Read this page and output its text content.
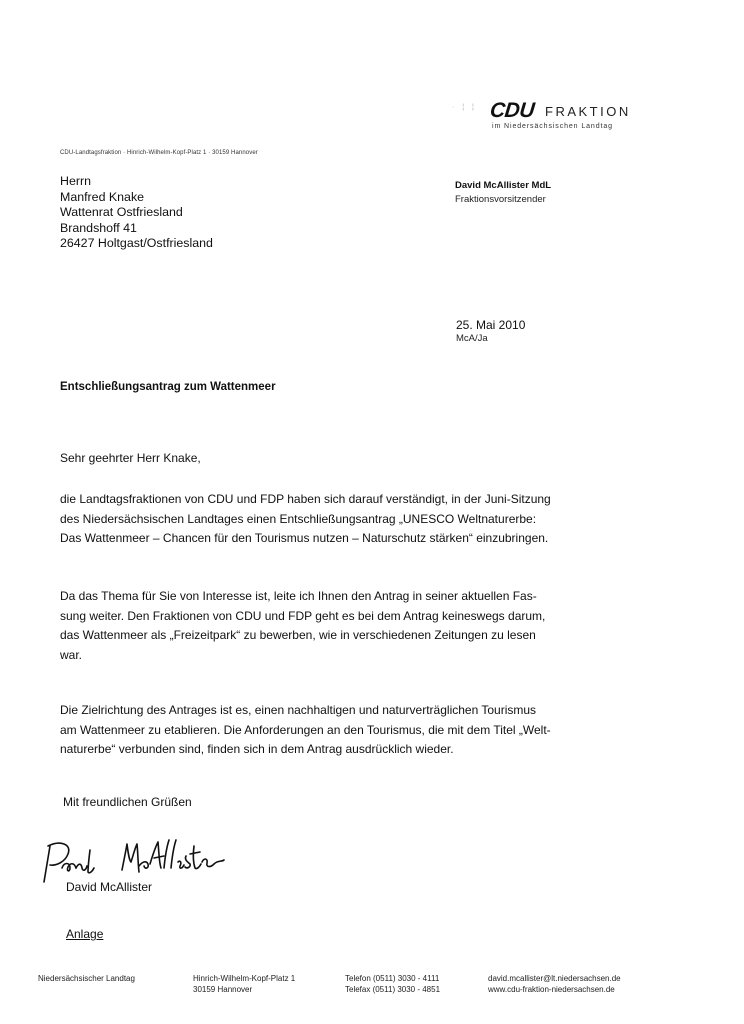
· ¦ ¦ CDU FRAKTION
im Niedersächsischen Landtag
CDU-Landtagsfraktion · Hinrich-Wilhelm-Kopf-Platz 1 · 30159 Hannover
Herrn
Manfred Knake
Wattenrat Ostfriesland
Brandshoff 41
26427 Holtgast/Ostfriesland
David McAllister MdL
Fraktionsvorsitzender
25. Mai 2010
McA/Ja
Entschließungsantrag zum Wattenmeer
Sehr geehrter Herr Knake,
die Landtagsfraktionen von CDU und FDP haben sich darauf verständigt, in der Juni-Sitzung
des Niedersächsischen Landtages einen Entschließungsantrag „UNESCO Weltnaturerbe:
Das Wattenmeer – Chancen für den Tourismus nutzen – Naturschutz stärken“ einzubringen.
Da das Thema für Sie von Interesse ist, leite ich Ihnen den Antrag in seiner aktuellen Fas-
sung weiter. Den Fraktionen von CDU und FDP geht es bei dem Antrag keineswegs darum,
das Wattenmeer als „Freizeitpark“ zu bewerben, wie in verschiedenen Zeitungen zu lesen
war.
Die Zielrichtung des Antrages ist es, einen nachhaltigen und naturverträglichen Tourismus
am Wattenmeer zu etablieren. Die Anforderungen an den Tourismus, die mit dem Titel „Welt-
naturerbe“ verbunden sind, finden sich in dem Antrag ausdrücklich wieder.
Mit freundlichen Grüßen
David McAllister
Anlage
Niedersächsischer Landtag	Hinrich-Wilhelm-Kopf-Platz 1
30159 Hannover
Telefon (0511) 3030 - 4111
Telefax (0511) 3030 - 4851
david.mcallister@lt.niedersachsen.de
www.cdu-fraktion-niedersachsen.de
